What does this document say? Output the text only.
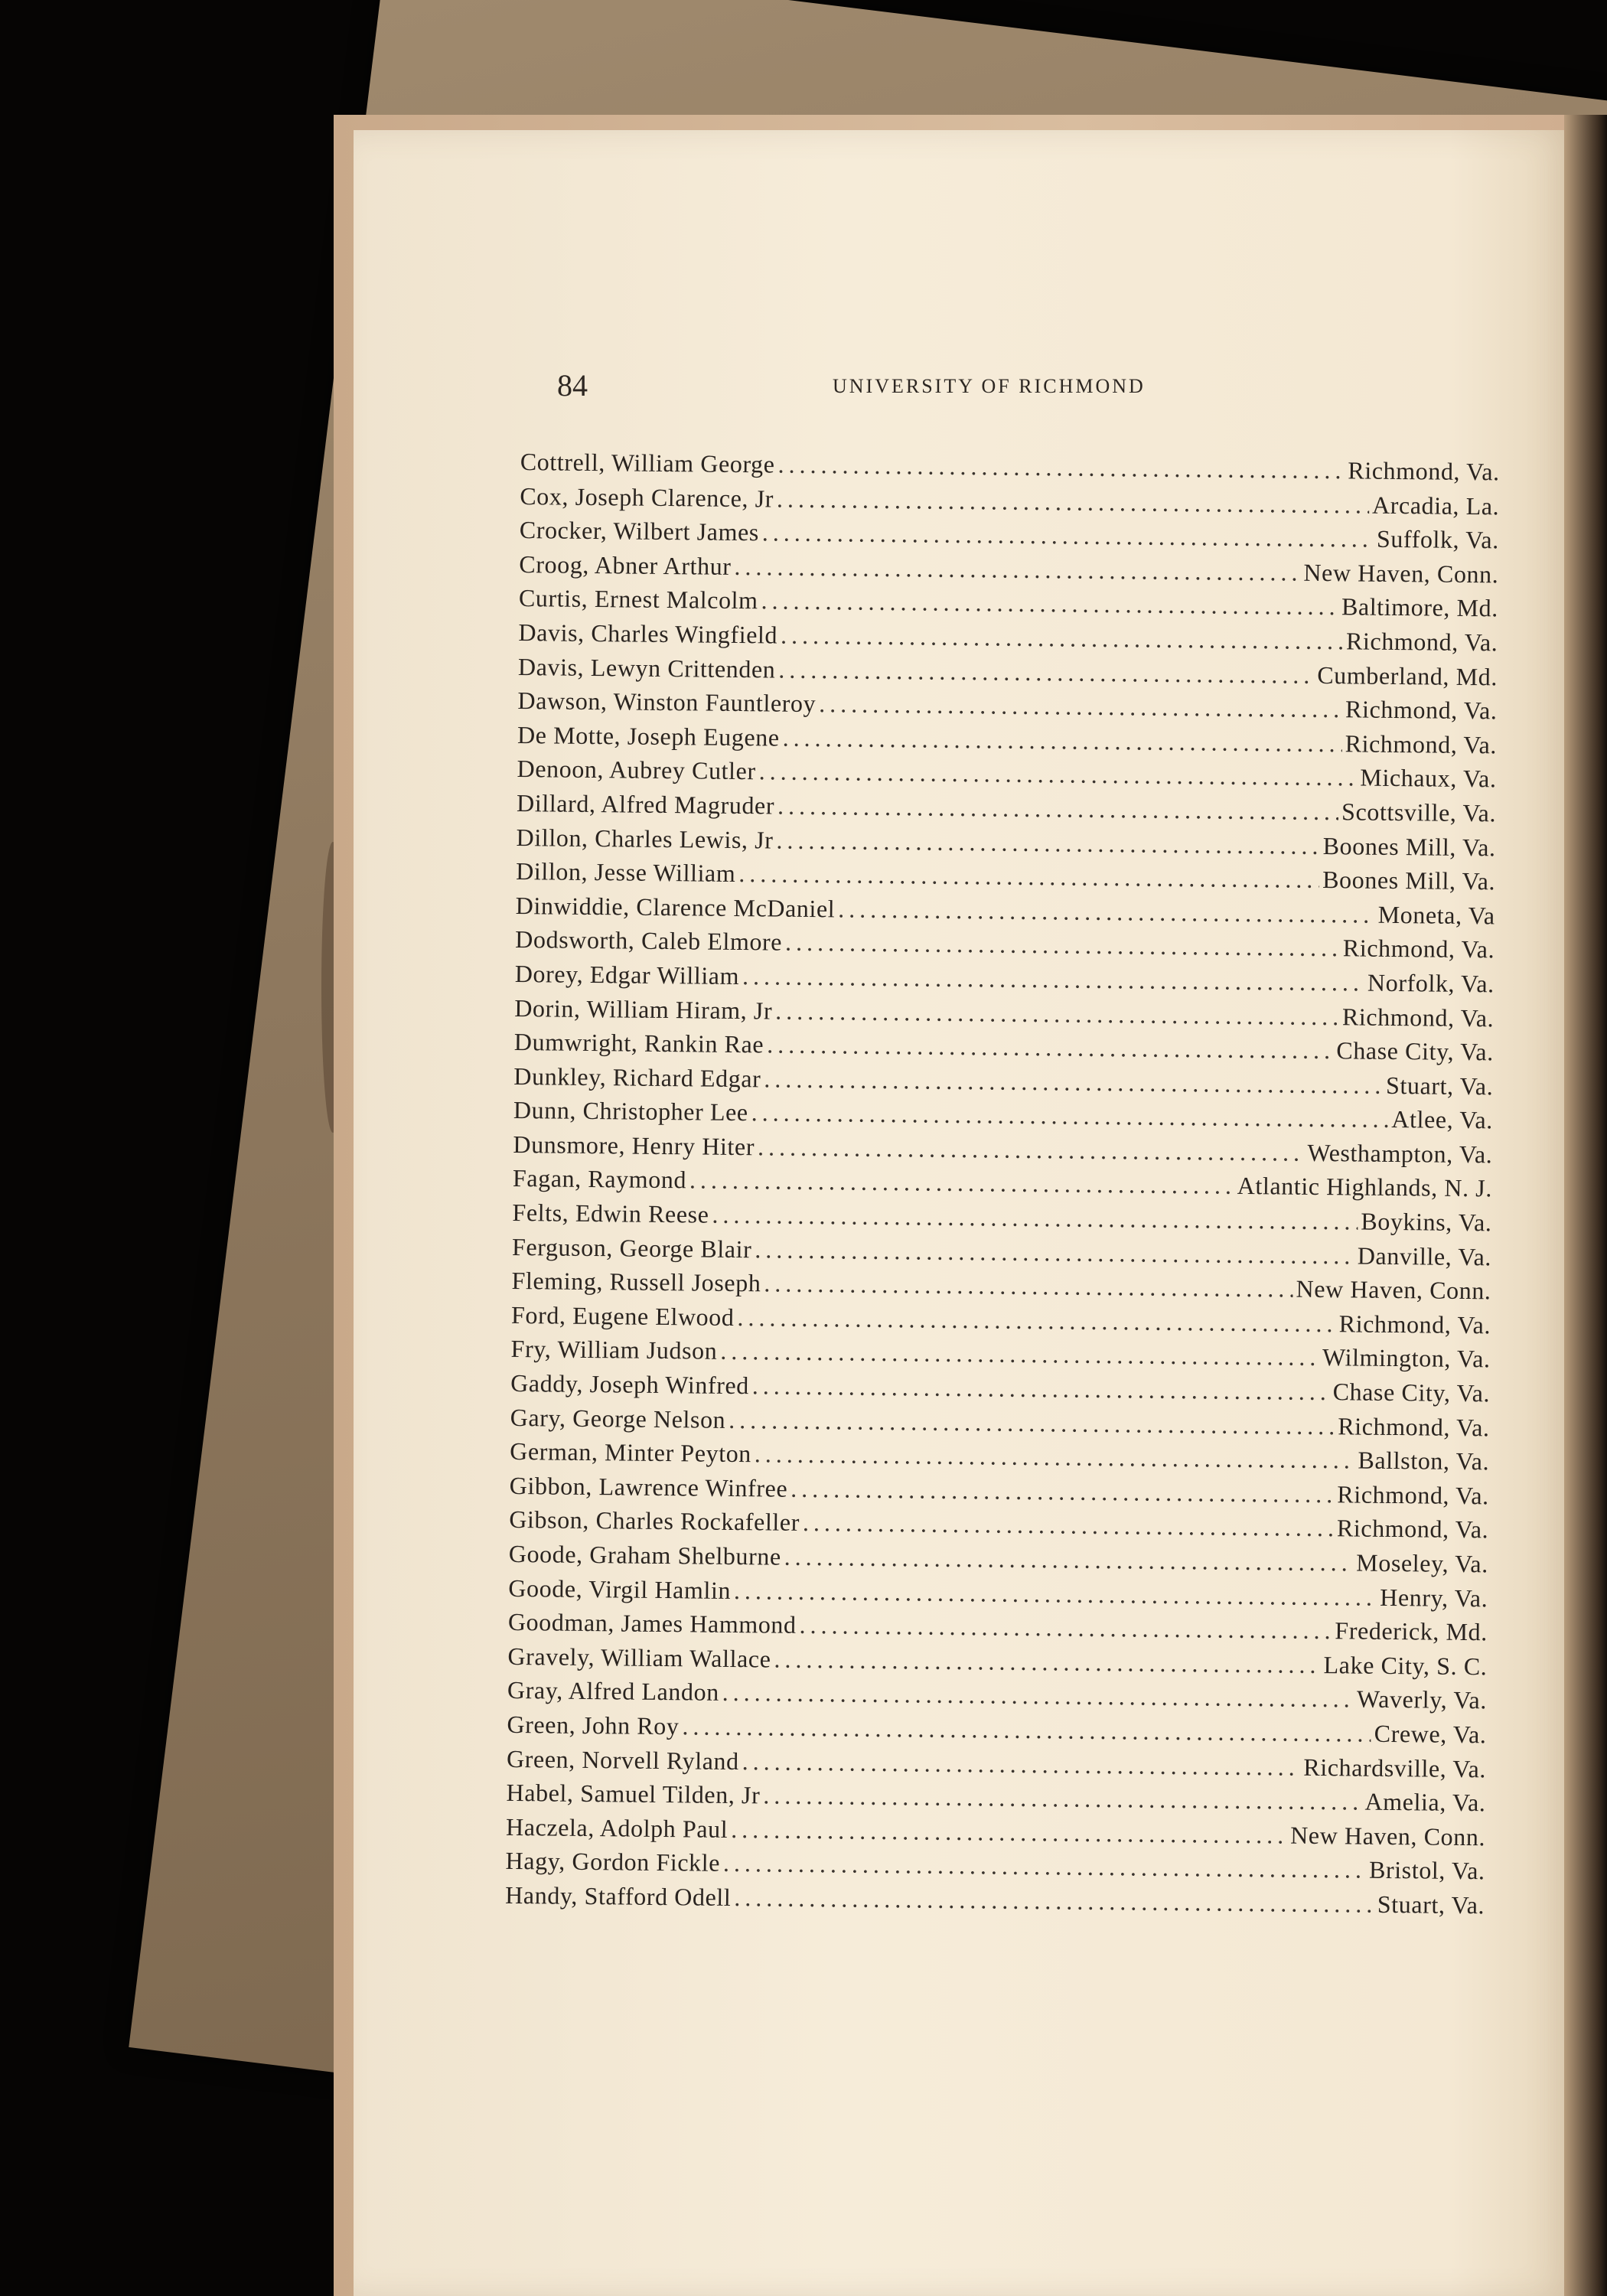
84	UNIVERSITY OF RICHMOND
Cottrell, William George .....	Richmond, Va.
Cox, Joseph Clarence, Jr .....	Arcadia, La.
Crocker, Wilbert James .....	Suffolk, Va.
Croog, Abner Arthur .....	New Haven, Conn.
Curtis, Ernest Malcolm .....	Baltimore, Md.
Davis, Charles Wingfield .....	Richmond, Va.
Davis, Lewyn Crittenden .....	Cumberland, Md.
Dawson, Winston Fauntleroy .....	Richmond, Va.
De Motte, Joseph Eugene .....	Richmond, Va.
Denoon, Aubrey Cutler .....	Michaux, Va.
Dillard, Alfred Magruder .....	Scottsville, Va.
Dillon, Charles Lewis, Jr .....	Boones Mill, Va.
Dillon, Jesse William .....	Boones Mill, Va.
Dinwiddie, Clarence McDaniel .....	Moneta, Va
Dodsworth, Caleb Elmore .....	Richmond, Va.
Dorey, Edgar William .....	Norfolk, Va.
Dorin, William Hiram, Jr .....	Richmond, Va.
Dumwright, Rankin Rae .....	Chase City, Va.
Dunkley, Richard Edgar .....	Stuart, Va.
Dunn, Christopher Lee .....	Atlee, Va.
Dunsmore, Henry Hiter .....	Westhampton, Va.
Fagan, Raymond .....	Atlantic Highlands, N. J.
Felts, Edwin Reese .....	Boykins, Va.
Ferguson, George Blair .....	Danville, Va.
Fleming, Russell Joseph .....	New Haven, Conn.
Ford, Eugene Elwood .....	Richmond, Va.
Fry, William Judson .....	Wilmington, Va.
Gaddy, Joseph Winfred .....	Chase City, Va.
Gary, George Nelson .....	Richmond, Va.
German, Minter Peyton .....	Ballston, Va.
Gibbon, Lawrence Winfree .....	Richmond, Va.
Gibson, Charles Rockafeller .....	Richmond, Va.
Goode, Graham Shelburne .....	Moseley, Va.
Goode, Virgil Hamlin .....	Henry, Va.
Goodman, James Hammond .....	Frederick, Md.
Gravely, William Wallace .....	Lake City, S. C.
Gray, Alfred Landon .....	Waverly, Va.
Green, John Roy .....	Crewe, Va.
Green, Norvell Ryland .....	Richardsville, Va.
Habel, Samuel Tilden, Jr .....	Amelia, Va.
Haczela, Adolph Paul .....	New Haven, Conn.
Hagy, Gordon Fickle .....	Bristol, Va.
Handy, Stafford Odell .....	Stuart, Va.
